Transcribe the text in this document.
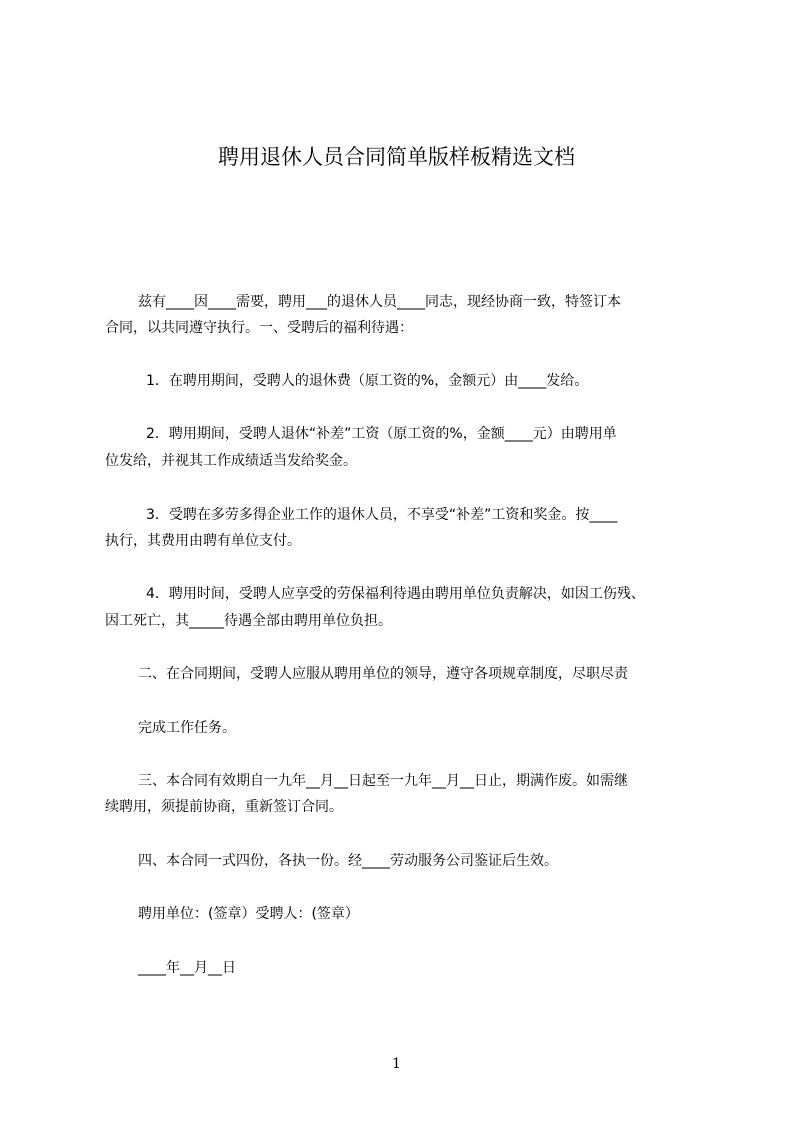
聘用退休人员合同简单版样板精选文档
兹有____因____需要，聘用___的退休人员____同志，现经协商一致，特签订本
合同，以共同遵守执行。一、受聘后的福利待遇：
1．在聘用期间，受聘人的退休费（原工资的%，金额元）由____发给。
2．聘用期间，受聘人退休“补差”工资（原工资的%，金额____元）由聘用单
位发给，并视其工作成绩适当发给奖金。
3．受聘在多劳多得企业工作的退休人员，不享受“补差”工资和奖金。按____
执行，其费用由聘有单位支付。
4．聘用时间，受聘人应享受的劳保福利待遇由聘用单位负责解决，如因工伤残、
因工死亡，其_____待遇全部由聘用单位负担。
二、在合同期间，受聘人应服从聘用单位的领导，遵守各项规章制度，尽职尽责
完成工作任务。
三、本合同有效期自一九年__月__日起至一九年__月__日止，期满作废。如需继
续聘用，须提前协商，重新签订合同。
四、本合同一式四份，各执一份。经____劳动服务公司鉴证后生效。
聘用单位：(签章）受聘人：(签章）
____年__月__日
1
